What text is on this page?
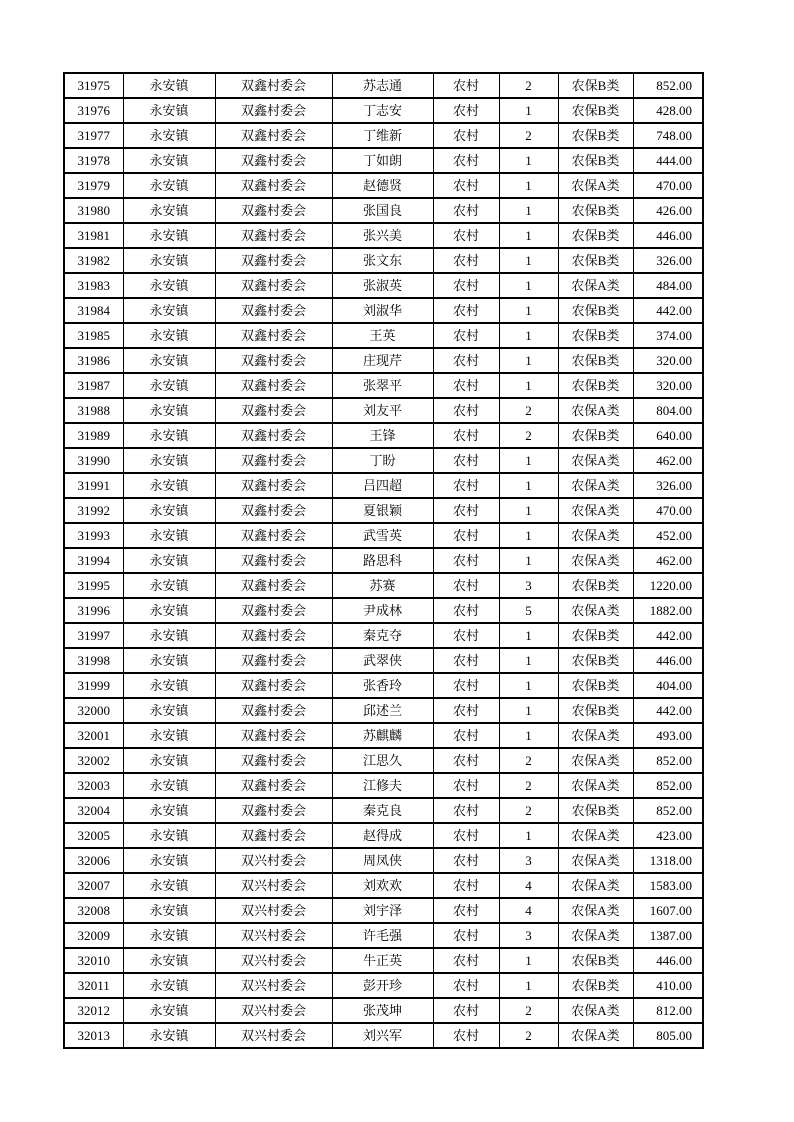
31975	永安镇	双鑫村委会	苏志通	农村	2	农保B类	852.00
31976	永安镇	双鑫村委会	丁志安	农村	1	农保B类	428.00
31977	永安镇	双鑫村委会	丁维新	农村	2	农保B类	748.00
31978	永安镇	双鑫村委会	丁如朗	农村	1	农保B类	444.00
31979	永安镇	双鑫村委会	赵德贤	农村	1	农保A类	470.00
31980	永安镇	双鑫村委会	张国良	农村	1	农保B类	426.00
31981	永安镇	双鑫村委会	张兴美	农村	1	农保B类	446.00
31982	永安镇	双鑫村委会	张文东	农村	1	农保B类	326.00
31983	永安镇	双鑫村委会	张淑英	农村	1	农保A类	484.00
31984	永安镇	双鑫村委会	刘淑华	农村	1	农保B类	442.00
31985	永安镇	双鑫村委会	王英	农村	1	农保B类	374.00
31986	永安镇	双鑫村委会	庄现芹	农村	1	农保B类	320.00
31987	永安镇	双鑫村委会	张翠平	农村	1	农保B类	320.00
31988	永安镇	双鑫村委会	刘友平	农村	2	农保A类	804.00
31989	永安镇	双鑫村委会	王锋	农村	2	农保B类	640.00
31990	永安镇	双鑫村委会	丁盼	农村	1	农保A类	462.00
31991	永安镇	双鑫村委会	吕四超	农村	1	农保A类	326.00
31992	永安镇	双鑫村委会	夏银颖	农村	1	农保A类	470.00
31993	永安镇	双鑫村委会	武雪英	农村	1	农保A类	452.00
31994	永安镇	双鑫村委会	路思科	农村	1	农保A类	462.00
31995	永安镇	双鑫村委会	苏赛	农村	3	农保B类	1220.00
31996	永安镇	双鑫村委会	尹成林	农村	5	农保A类	1882.00
31997	永安镇	双鑫村委会	秦克夺	农村	1	农保B类	442.00
31998	永安镇	双鑫村委会	武翠侠	农村	1	农保B类	446.00
31999	永安镇	双鑫村委会	张香玲	农村	1	农保B类	404.00
32000	永安镇	双鑫村委会	邱述兰	农村	1	农保B类	442.00
32001	永安镇	双鑫村委会	苏麒麟	农村	1	农保A类	493.00
32002	永安镇	双鑫村委会	江思久	农村	2	农保A类	852.00
32003	永安镇	双鑫村委会	江修夫	农村	2	农保A类	852.00
32004	永安镇	双鑫村委会	秦克良	农村	2	农保B类	852.00
32005	永安镇	双鑫村委会	赵得成	农村	1	农保A类	423.00
32006	永安镇	双兴村委会	周凤侠	农村	3	农保A类	1318.00
32007	永安镇	双兴村委会	刘欢欢	农村	4	农保A类	1583.00
32008	永安镇	双兴村委会	刘宇泽	农村	4	农保A类	1607.00
32009	永安镇	双兴村委会	许毛强	农村	3	农保A类	1387.00
32010	永安镇	双兴村委会	牛正英	农村	1	农保B类	446.00
32011	永安镇	双兴村委会	彭开珍	农村	1	农保B类	410.00
32012	永安镇	双兴村委会	张茂坤	农村	2	农保A类	812.00
32013	永安镇	双兴村委会	刘兴军	农村	2	农保A类	805.00
